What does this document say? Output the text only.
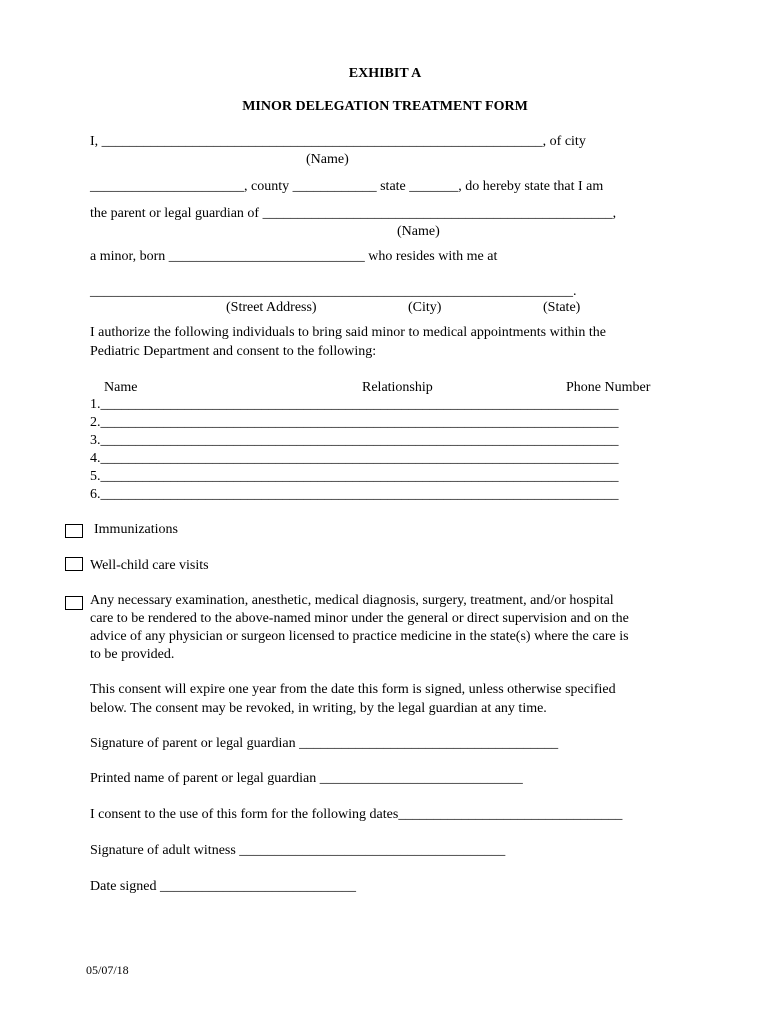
EXHIBIT A
MINOR DELEGATION TREATMENT FORM
I, _______________________________________________________________, of city
(Name)
______________________, county ____________ state _______, do hereby state that I am
the parent or legal guardian of __________________________________________________,
(Name)
a minor, born ____________________________ who resides with me at
_____________________________________________________________________.
(Street Address)	(City)	(State)
I authorize the following individuals to bring said minor to medical appointments within the
Pediatric Department and consent to the following:
Name	Relationship	Phone Number
1.__________________________________________________________________________
2.__________________________________________________________________________
3.__________________________________________________________________________
4.__________________________________________________________________________
5.__________________________________________________________________________
6.__________________________________________________________________________
Immunizations
Well-child care visits
Any necessary examination, anesthetic, medical diagnosis, surgery, treatment, and/or hospital
care to be rendered to the above-named minor under the general or direct supervision and on the
advice of any physician or surgeon licensed to practice medicine in the state(s) where the care is
to be provided.
This consent will expire one year from the date this form is signed, unless otherwise specified
below. The consent may be revoked, in writing, by the legal guardian at any time.
Signature of parent or legal guardian _____________________________________
Printed name of parent or legal guardian _____________________________
I consent to the use of this form for the following dates________________________________
Signature of adult witness ______________________________________
Date signed ____________________________
05/07/18
